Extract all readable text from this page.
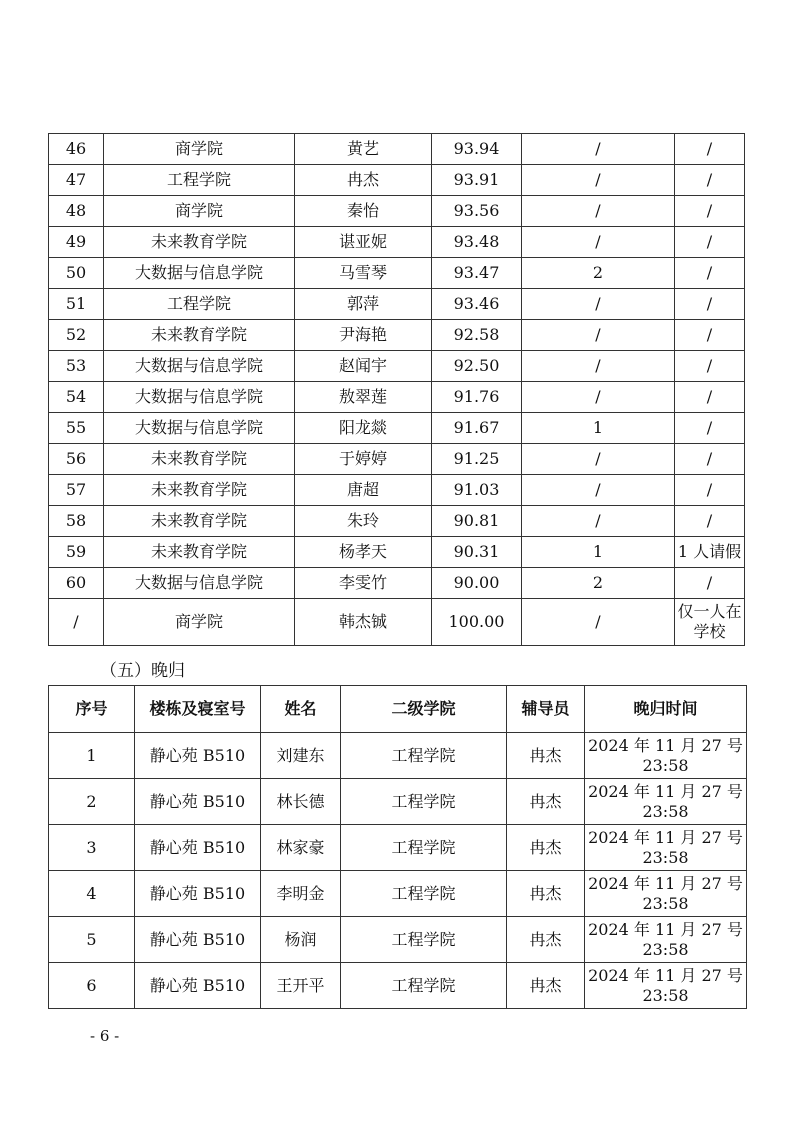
46	商学院	黄艺	93.94	/	/
47	工程学院	冉杰	93.91	/	/
48	商学院	秦怡	93.56	/	/
49	未来教育学院	谌亚妮	93.48	/	/
50	大数据与信息学院	马雪琴	93.47	2	/
51	工程学院	郭萍	93.46	/	/
52	未来教育学院	尹海艳	92.58	/	/
53	大数据与信息学院	赵闻宇	92.50	/	/
54	大数据与信息学院	敖翠莲	91.76	/	/
55	大数据与信息学院	阳龙燚	91.67	1	/
56	未来教育学院	于婷婷	91.25	/	/
57	未来教育学院	唐超	91.03	/	/
58	未来教育学院	朱玲	90.81	/	/
59	未来教育学院	杨孝天	90.31	1	1 人请假
60	大数据与信息学院	李雯竹	90.00	2	/
/	商学院	韩杰铖	100.00	/	仅一人在学校
（五）晚归
序号	楼栋及寝室号	姓名	二级学院	辅导员	晚归时间
1	静心苑 B510	刘建东	工程学院	冉杰	2024 年 11 月 27 号 23:58
2	静心苑 B510	林长德	工程学院	冉杰	2024 年 11 月 27 号 23:58
3	静心苑 B510	林家豪	工程学院	冉杰	2024 年 11 月 27 号 23:58
4	静心苑 B510	李明金	工程学院	冉杰	2024 年 11 月 27 号 23:58
5	静心苑 B510	杨润	工程学院	冉杰	2024 年 11 月 27 号 23:58
6	静心苑 B510	王开平	工程学院	冉杰	2024 年 11 月 27 号 23:58
- 6 -
